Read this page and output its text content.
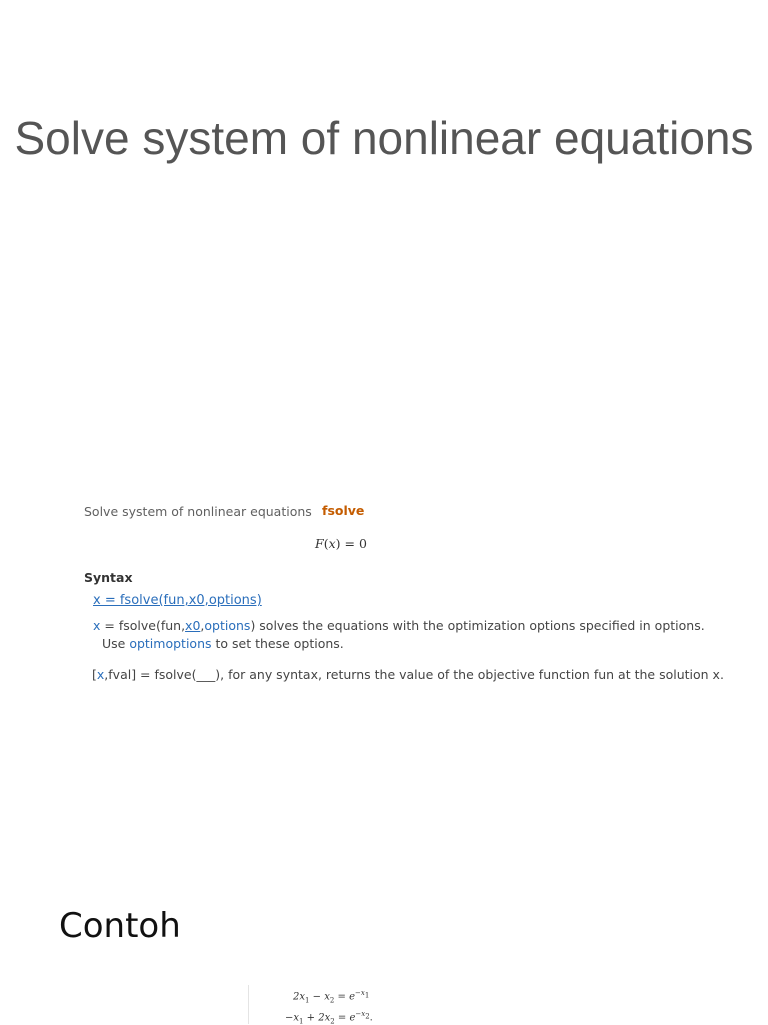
Solve system of nonlinear equations
Solve system of nonlinear equations fsolve
F(x) = 0
Syntax
x = fsolve(fun,x0,options)
x = fsolve(fun,x0,options) solves the equations with the optimization options specified in options.
Use optimoptions to set these options.
[x,fval] = fsolve(___), for any syntax, returns the value of the objective function fun at the solution x.
Contoh
$2x_1 - x_2 = e^{-x_1}$
$-x_1 + 2x_2 = e^{-x_2}$.
